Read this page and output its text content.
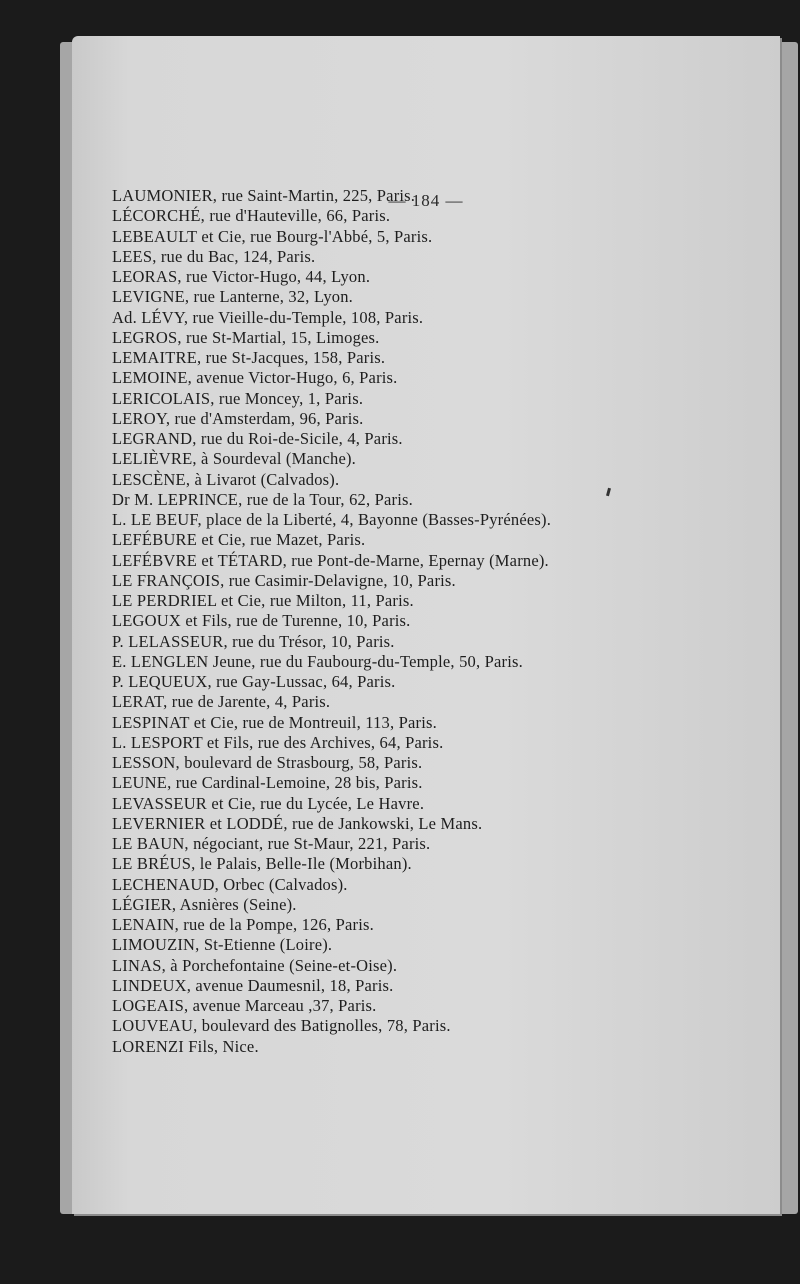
— 184 —
LAUMONIER, rue Saint-Martin, 225, Paris.
LÉCORCHÉ, rue d'Hauteville, 66, Paris.
LEBEAULT et Cie, rue Bourg-l'Abbé, 5, Paris.
LEES, rue du Bac, 124, Paris.
LEORAS, rue Victor-Hugo, 44, Lyon.
LEVIGNE, rue Lanterne, 32, Lyon.
Ad. LÉVY, rue Vieille-du-Temple, 108, Paris.
LEGROS, rue St-Martial, 15, Limoges.
LEMAITRE, rue St-Jacques, 158, Paris.
LEMOINE, avenue Victor-Hugo, 6, Paris.
LERICOLAIS, rue Moncey, 1, Paris.
LEROY, rue d'Amsterdam, 96, Paris.
LEGRAND, rue du Roi-de-Sicile, 4, Paris.
LELIÈVRE, à Sourdeval (Manche).
LESCÈNE, à Livarot (Calvados).
Dr M. LEPRINCE, rue de la Tour, 62, Paris.
L. LE BEUF, place de la Liberté, 4, Bayonne (Basses-Pyrénées).
LEFÉBURE et Cie, rue Mazet, Paris.
LEFÉBVRE et TÉTARD, rue Pont-de-Marne, Epernay (Marne).
LE FRANÇOIS, rue Casimir-Delavigne, 10, Paris.
LE PERDRIEL et Cie, rue Milton, 11, Paris.
LEGOUX et Fils, rue de Turenne, 10, Paris.
P. LELASSEUR, rue du Trésor, 10, Paris.
E. LENGLEN Jeune, rue du Faubourg-du-Temple, 50, Paris.
P. LEQUEUX, rue Gay-Lussac, 64, Paris.
LERAT, rue de Jarente, 4, Paris.
LESPINAT et Cie, rue de Montreuil, 113, Paris.
L. LESPORT et Fils, rue des Archives, 64, Paris.
LESSON, boulevard de Strasbourg, 58, Paris.
LEUNE, rue Cardinal-Lemoine, 28 bis, Paris.
LEVASSEUR et Cie, rue du Lycée, Le Havre.
LEVERNIER et LODDÉ, rue de Jankowski, Le Mans.
LE BAUN, négociant, rue St-Maur, 221, Paris.
LE BRÉUS, le Palais, Belle-Ile (Morbihan).
LECHENAUD, Orbec (Calvados).
LÉGIER, Asnières (Seine).
LENAIN, rue de la Pompe, 126, Paris.
LIMOUZIN, St-Etienne (Loire).
LINAS, à Porchefontaine (Seine-et-Oise).
LINDEUX, avenue Daumesnil, 18, Paris.
LOGEAIS, avenue Marceau ,37, Paris.
LOUVEAU, boulevard des Batignolles, 78, Paris.
LORENZI Fils, Nice.
